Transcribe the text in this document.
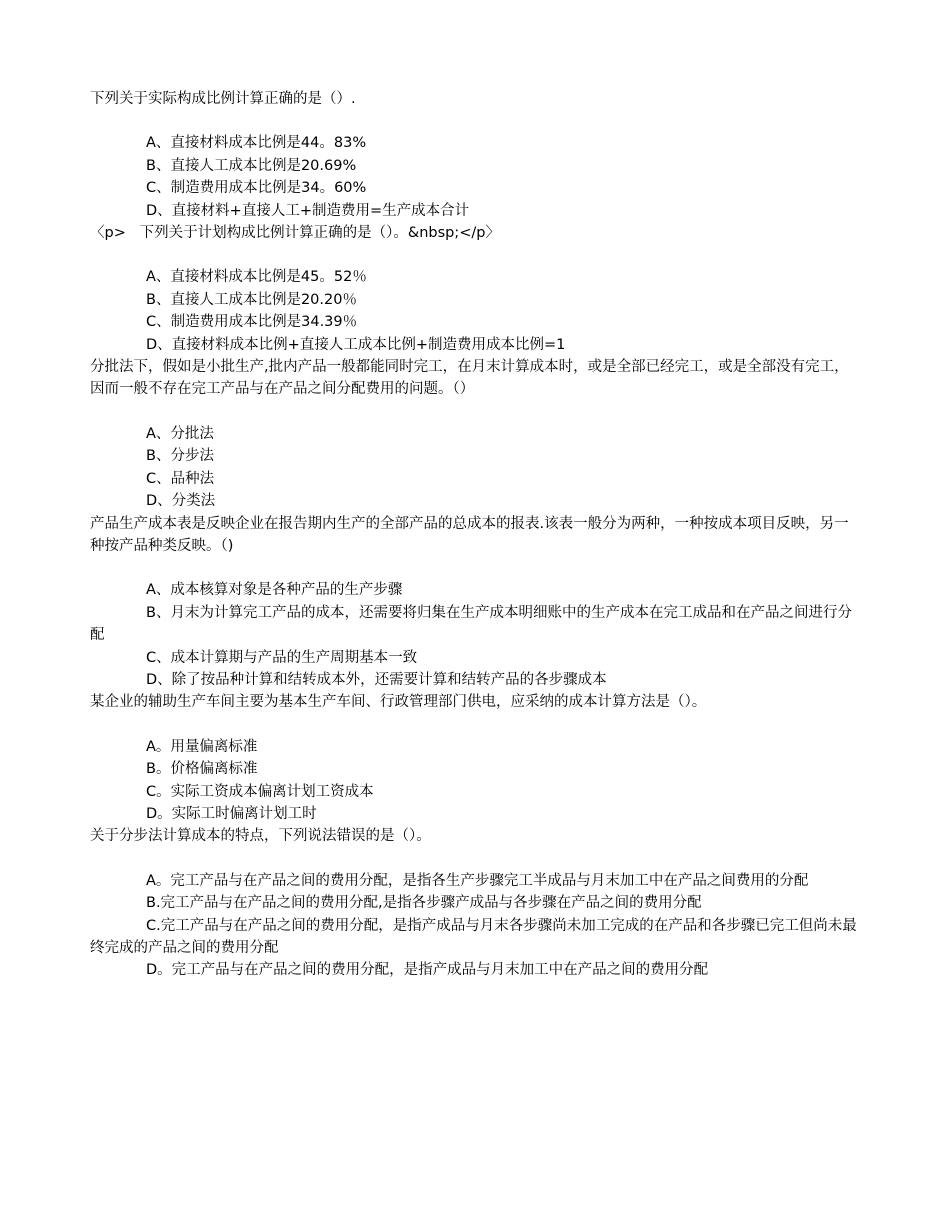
下列关于实际构成比例计算正确的是（）.
A、直接材料成本比例是44。83%
B、直接人工成本比例是20.69%
C、制造费用成本比例是34。60%
D、直接材料+直接人工+制造费用=生产成本合计
〈p>   下列关于计划构成比例计算正确的是（）。&nbsp;</p〉
A、直接材料成本比例是45。52％
B、直接人工成本比例是20.20％
C、制造费用成本比例是34.39％
D、直接材料成本比例+直接人工成本比例+制造费用成本比例=1
分批法下，假如是小批生产,批内产品一般都能同时完工，在月末计算成本时，或是全部已经完工，或是全部没有完工，因而一般不存在完工产品与在产品之间分配费用的问题。（）
A、分批法
B、分步法
C、品种法
D、分类法
产品生产成本表是反映企业在报告期内生产的全部产品的总成本的报表.该表一般分为两种，一种按成本项目反映，另一种按产品种类反映。（)
A、成本核算对象是各种产品的生产步骤
B、月末为计算完工产品的成本，还需要将归集在生产成本明细账中的生产成本在完工成品和在产品之间进行分配
C、成本计算期与产品的生产周期基本一致
D、除了按品种计算和结转成本外，还需要计算和结转产品的各步骤成本
某企业的辅助生产车间主要为基本生产车间、行政管理部门供电，应采纳的成本计算方法是（）。
A。用量偏离标准
B。价格偏离标准
C。实际工资成本偏离计划工资成本
D。实际工时偏离计划工时
关于分步法计算成本的特点，下列说法错误的是（）。
A。完工产品与在产品之间的费用分配，是指各生产步骤完工半成品与月末加工中在产品之间费用的分配
B.完工产品与在产品之间的费用分配,是指各步骤产成品与各步骤在产品之间的费用分配
C.完工产品与在产品之间的费用分配，是指产成品与月末各步骤尚未加工完成的在产品和各步骤已完工但尚未最终完成的产品之间的费用分配
D。完工产品与在产品之间的费用分配，是指产成品与月末加工中在产品之间的费用分配
